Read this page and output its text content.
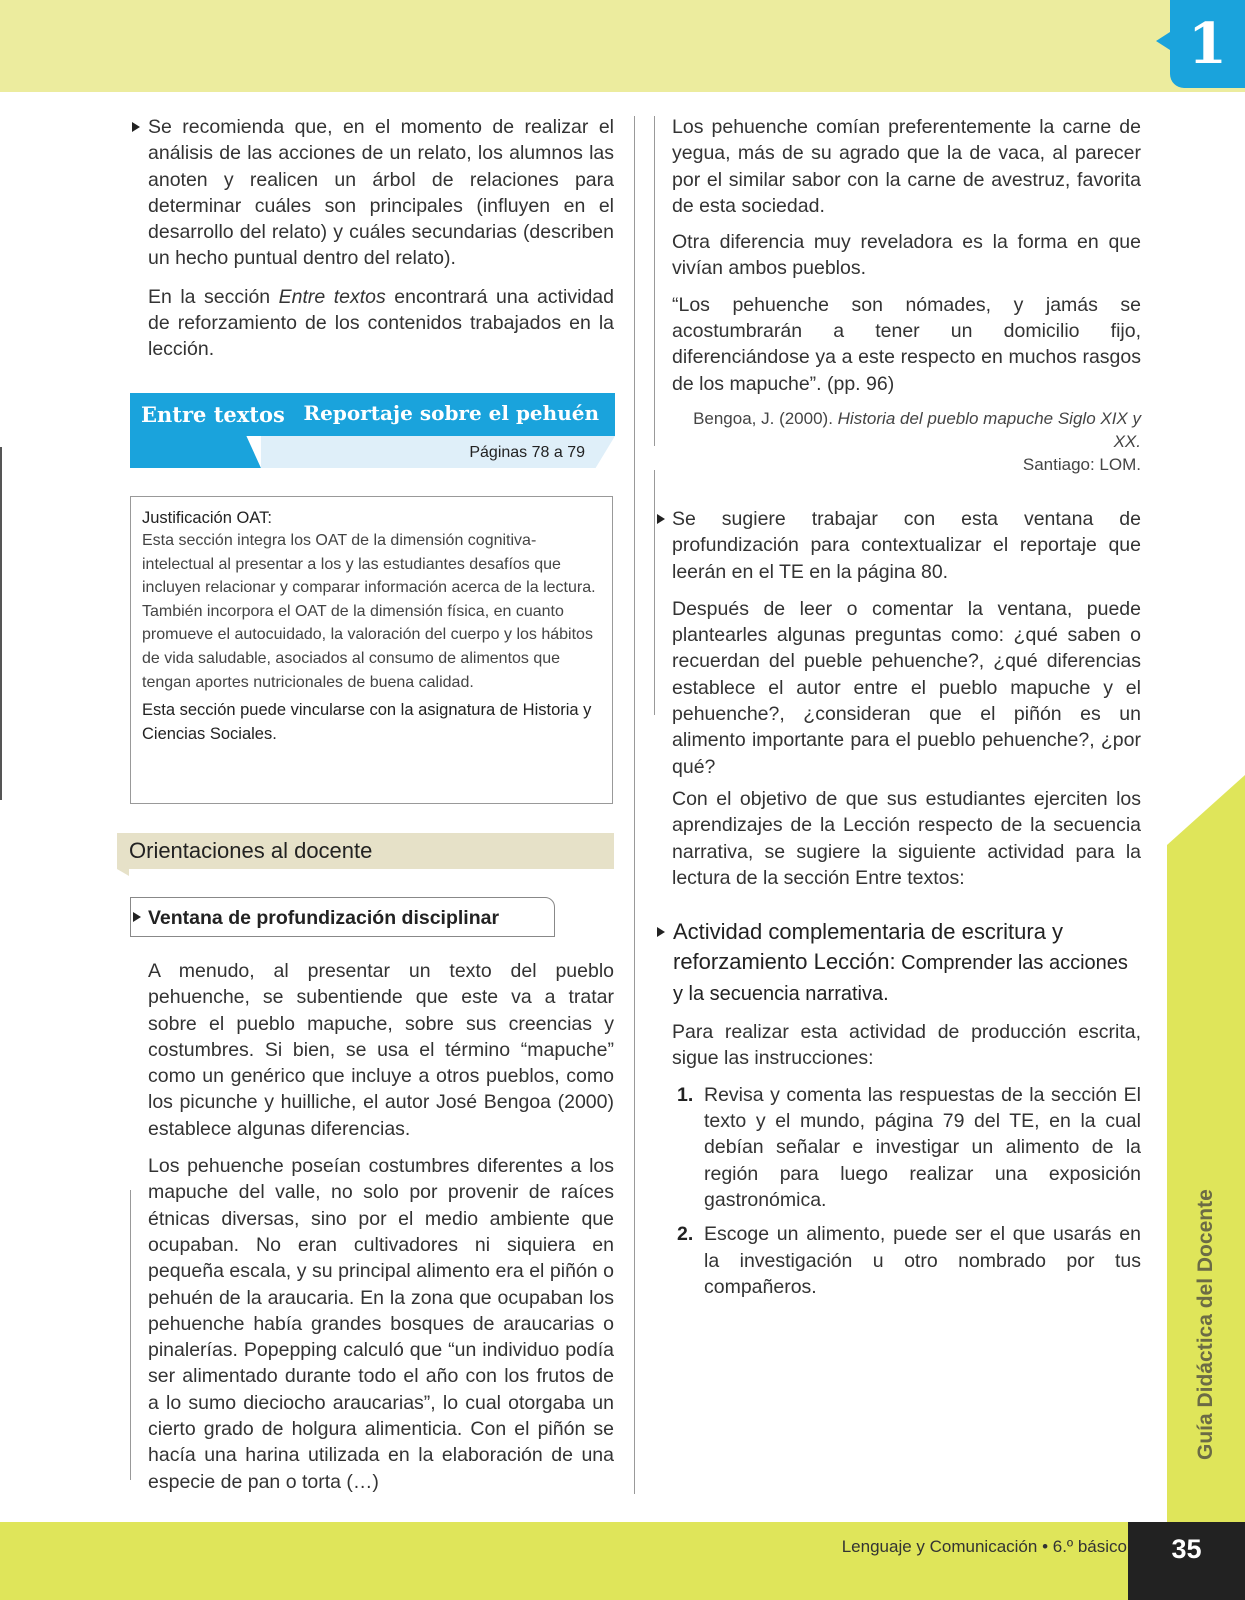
1
Guía Didáctica del Docente
Lenguaje y Comunicación • 6.º básico	35

Se recomienda que, en el momento de realizar el análisis de las acciones de un relato, los alumnos las anoten y realicen un árbol de relaciones para determinar cuáles son principales (influyen en el desarrollo del relato) y cuáles secundarias (describen un hecho puntual dentro del relato).

En la sección Entre textos encontrará una actividad de reforzamiento de los contenidos trabajados en la lección.

Entre textos Reportaje sobre el pehuén
Páginas 78 a 79

Justificación OAT:

Esta sección integra los OAT de la dimensión cognitiva-intelectual al presentar a los y las estudiantes desafíos que incluyen relacionar y comparar información acerca de la lectura. También incorpora el OAT de la dimensión física, en cuanto promueve el autocuidado, la valoración del cuerpo y los hábitos de vida saludable, asociados al consumo de alimentos que tengan aportes nutricionales de buena calidad.

Esta sección puede vincularse con la asignatura de Historia y Ciencias Sociales.

Orientaciones al docente
Ventana de profundización disciplinar

A menudo, al presentar un texto del pueblo pehuenche, se subentiende que este va a tratar sobre el pueblo mapuche, sobre sus creencias y costumbres. Si bien, se usa el término “mapuche” como un genérico que incluye a otros pueblos, como los picunche y huilliche, el autor José Bengoa (2000) establece algunas diferencias.

Los pehuenche poseían costumbres diferentes a los mapuche del valle, no solo por provenir de raíces étnicas diversas, sino por el medio ambiente que ocupaban. No eran cultivadores ni siquiera en pequeña escala, y su principal alimento era el piñón o pehuén de la araucaria. En la zona que ocupaban los pehuenche había grandes bosques de araucarias o pinalerías. Popepping calculó que “un individuo podía ser alimentado durante todo el año con los frutos de a lo sumo dieciocho araucarias”, lo cual otorgaba un cierto grado de holgura alimenticia. Con el piñón se hacía una harina utilizada en la elaboración de una especie de pan o torta (…)

Los pehuenche comían preferentemente la carne de yegua, más de su agrado que la de vaca, al parecer por el similar sabor con la carne de avestruz, favorita de esta sociedad.

Otra diferencia muy reveladora es la forma en que vivían ambos pueblos.

“Los pehuenche son nómades, y jamás se acostumbrarán a tener un domicilio fijo, diferenciándose ya a este respecto en muchos rasgos de los mapuche”. (pp. 96)

Bengoa, J. (2000). Historia del pueblo mapuche Siglo XIX y XX.
Santiago: LOM.

Se sugiere trabajar con esta ventana de profundización para contextualizar el reportaje que leerán en el TE en la página 80.

Después de leer o comentar la ventana, puede plantearles algunas preguntas como: ¿qué saben o recuerdan del pueble pehuenche?, ¿qué diferencias establece el autor entre el pueblo mapuche y el pehuenche?, ¿consideran que el piñón es un alimento importante para el pueblo pehuenche?, ¿por qué?

Con el objetivo de que sus estudiantes ejerciten los aprendizajes de la Lección respecto de la secuencia narrativa, se sugiere la siguiente actividad para la lectura de la sección Entre textos:

Actividad complementaria de escritura y reforzamiento Lección: Comprender las acciones y la secuencia narrativa.

Para realizar esta actividad de producción escrita, sigue las instrucciones:

1. Revisa y comenta las respuestas de la sección El texto y el mundo, página 79 del TE, en la cual debían señalar e investigar un alimento de la región para luego realizar una exposición gastronómica.
2. Escoge un alimento, puede ser el que usarás en la investigación u otro nombrado por tus compañeros.
